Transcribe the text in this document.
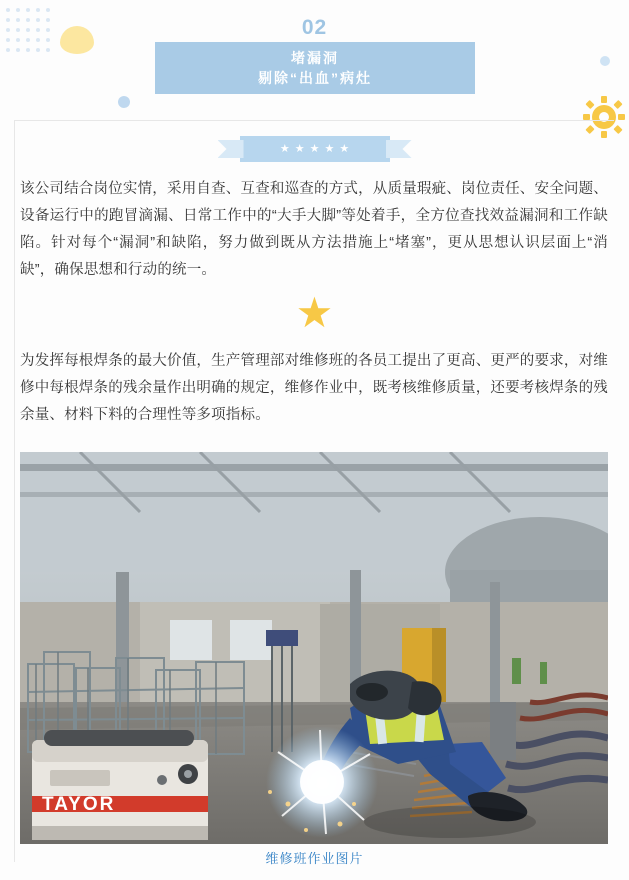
02
堵漏洞
剔除“出血”病灶
★ ★ ★ ★ ★
该公司结合岗位实情，采用自查、互查和巡查的方式，从质量瑕疵、岗位责任、安全问题、设备运行中的跑冒滴漏、日常工作中的“大手大脚”等处着手，全方位查找效益漏洞和工作缺陷。针对每个“漏洞”和缺陷，努力做到既从方法措施上“堵塞”，更从思想认识层面上“消缺”，确保思想和行动的统一。
★
为发挥每根焊条的最大价值，生产管理部对维修班的各员工提出了更高、更严的要求，对维修中每根焊条的残余量作出明确的规定，维修作业中，既考核维修质量，还要考核焊条的残余量、材料下料的合理性等多项指标。
TAYOR
维修班作业图片
